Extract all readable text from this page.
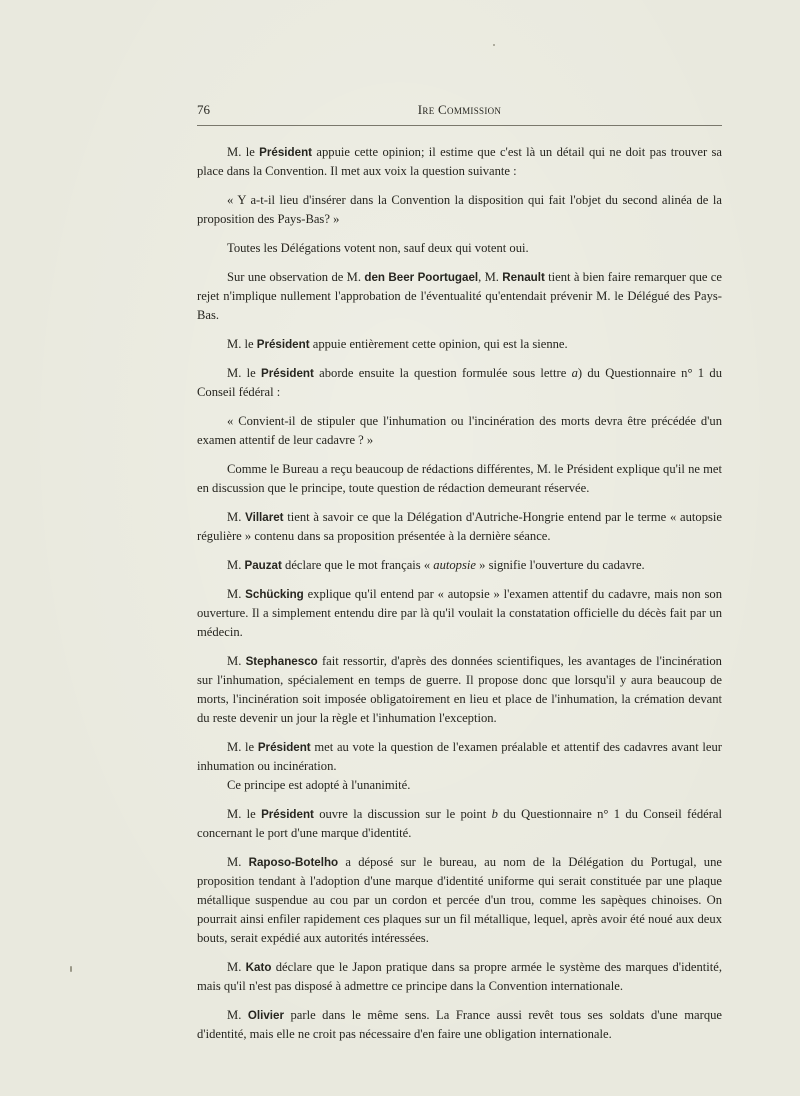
76	Ire Commission

M. le Président appuie cette opinion; il estime que c'est là un détail qui ne doit pas trouver sa place dans la Convention. Il met aux voix la question suivante :

« Y a-t-il lieu d'insérer dans la Convention la disposition qui fait l'objet du second alinéa de la proposition des Pays-Bas? »

Toutes les Délégations votent non, sauf deux qui votent oui.

Sur une observation de M. den Beer Poortugael, M. Renault tient à bien faire remarquer que ce rejet n'implique nullement l'approbation de l'éventualité qu'entendait prévenir M. le Délégué des Pays-Bas.

M. le Président appuie entièrement cette opinion, qui est la sienne.

M. le Président aborde ensuite la question formulée sous lettre a) du Questionnaire n° 1 du Conseil fédéral :

« Convient-il de stipuler que l'inhumation ou l'incinération des morts devra être précédée d'un examen attentif de leur cadavre ? »

Comme le Bureau a reçu beaucoup de rédactions différentes, M. le Président explique qu'il ne met en discussion que le principe, toute question de rédaction demeurant réservée.

M. Villaret tient à savoir ce que la Délégation d'Autriche-Hongrie entend par le terme « autopsie régulière » contenu dans sa proposition présentée à la dernière séance.

M. Pauzat déclare que le mot français « autopsie » signifie l'ouverture du cadavre.

M. Schücking explique qu'il entend par « autopsie » l'examen attentif du cadavre, mais non son ouverture. Il a simplement entendu dire par là qu'il voulait la constatation officielle du décès fait par un médecin.

M. Stephanesco fait ressortir, d'après des données scientifiques, les avantages de l'incinération sur l'inhumation, spécialement en temps de guerre. Il propose donc que lorsqu'il y aura beaucoup de morts, l'incinération soit imposée obligatoirement en lieu et place de l'inhumation, la crémation devant du reste devenir un jour la règle et l'inhumation l'exception.

M. le Président met au vote la question de l'examen préalable et attentif des cadavres avant leur inhumation ou incinération.

Ce principe est adopté à l'unanimité.

M. le Président ouvre la discussion sur le point b du Questionnaire n° 1 du Conseil fédéral concernant le port d'une marque d'identité.

M. Raposo-Botelho a déposé sur le bureau, au nom de la Délégation du Portugal, une proposition tendant à l'adoption d'une marque d'identité uniforme qui serait constituée par une plaque métallique suspendue au cou par un cordon et percée d'un trou, comme les sapèques chinoises. On pourrait ainsi enfiler rapidement ces plaques sur un fil métallique, lequel, après avoir été noué aux deux bouts, serait expédié aux autorités intéressées.

M. Kato déclare que le Japon pratique dans sa propre armée le système des marques d'identité, mais qu'il n'est pas disposé à admettre ce principe dans la Convention internationale.

M. Olivier parle dans le même sens. La France aussi revêt tous ses soldats d'une marque d'identité, mais elle ne croit pas nécessaire d'en faire une obligation internationale.
